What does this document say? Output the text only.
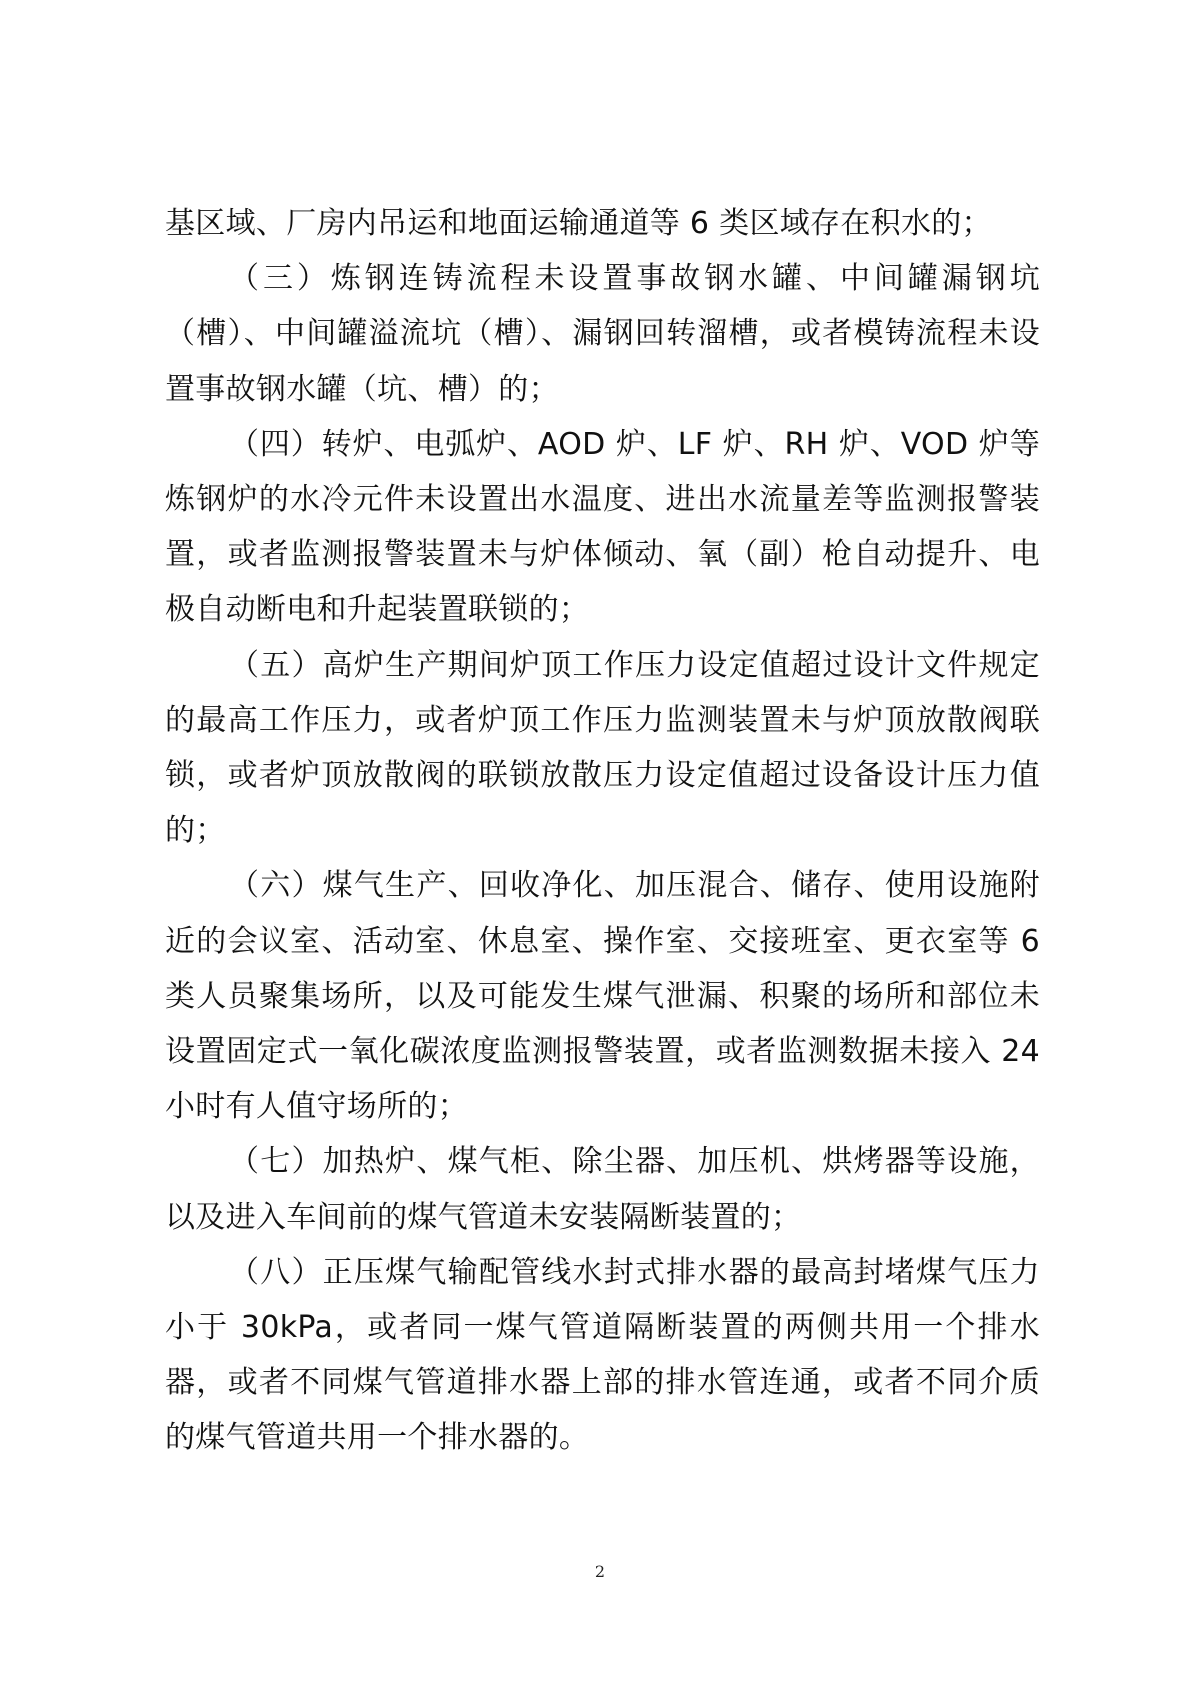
基区域、厂房内吊运和地面运输通道等 6 类区域存在积水的；

（三）炼钢连铸流程未设置事故钢水罐、中间罐漏钢坑（槽）、中间罐溢流坑（槽）、漏钢回转溜槽，或者模铸流程未设置事故钢水罐（坑、槽）的；

（四）转炉、电弧炉、AOD 炉、LF 炉、RH 炉、VOD 炉等炼钢炉的水冷元件未设置出水温度、进出水流量差等监测报警装置，或者监测报警装置未与炉体倾动、氧（副）枪自动提升、电极自动断电和升起装置联锁的；

（五）高炉生产期间炉顶工作压力设定值超过设计文件规定的最高工作压力，或者炉顶工作压力监测装置未与炉顶放散阀联锁，或者炉顶放散阀的联锁放散压力设定值超过设备设计压力值的；

（六）煤气生产、回收净化、加压混合、储存、使用设施附近的会议室、活动室、休息室、操作室、交接班室、更衣室等 6 类人员聚集场所，以及可能发生煤气泄漏、积聚的场所和部位未设置固定式一氧化碳浓度监测报警装置，或者监测数据未接入 24 小时有人值守场所的；

（七）加热炉、煤气柜、除尘器、加压机、烘烤器等设施，以及进入车间前的煤气管道未安装隔断装置的；

（八）正压煤气输配管线水封式排水器的最高封堵煤气压力小于 30kPa，或者同一煤气管道隔断装置的两侧共用一个排水器，或者不同煤气管道排水器上部的排水管连通，或者不同介质的煤气管道共用一个排水器的。

2
